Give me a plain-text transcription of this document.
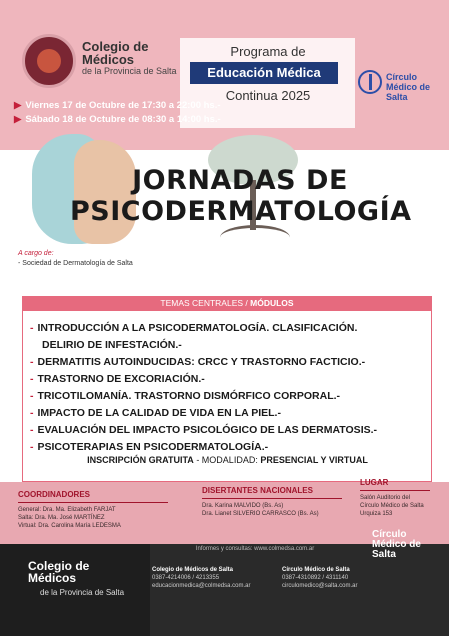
Colegio de Médicos
de la Provincia de Salta
Programa de
Educación Médica
Continua 2025
Círculo Médico de Salta
▶ Viernes 17 de Octubre de 17:30 a 22:00 hs.-
▶ Sábado 18 de Octubre de 08:30 a 14:00 hs.-
JORNADAS DE
PSICODERMATOLOGÍA
A cargo de:
- Sociedad de Dermatología de Salta
TEMAS CENTRALES / MÓDULOS
- INTRODUCCIÓN A LA PSICODERMATOLOGÍA. CLASIFICACIÓN.
DELIRIO DE INFESTACIÓN.-
- DERMATITIS AUTOINDUCIDAS: CRCC Y TRASTORNO FACTICIO.-
- TRASTORNO DE EXCORIACIÓN.-
- TRICOTILOMANÍA. TRASTORNO DISMÓRFICO CORPORAL.-
- IMPACTO DE LA CALIDAD DE VIDA EN LA PIEL.-
- EVALUACIÓN DEL IMPACTO PSICOLÓGICO DE LAS DERMATOSIS.-
- PSICOTERAPIAS EN PSICODERMATOLOGÍA.-
INSCRIPCIÓN GRATUITA - MODALIDAD: PRESENCIAL Y VIRTUAL
COORDINADORES
General: Dra. Ma. Elizabeth FARJAT
Salta: Dra. Ma. José MARTÍNEZ
Virtual: Dra. Carolina María LEDESMA
DISERTANTES NACIONALES
Dra. Karina MALVIDO (Bs. As)
Dra. Lianet SILVERIO CARRASCO (Bs. As)
LUGAR
Salón Auditorio del
Círculo Médico de Salta
Urquiza 153
Colegio de Médicos
de la Provincia de Salta
Informes y consultas: www.colmedsa.com.ar
Colegio de Médicos de Salta
0387-4214006 / 4213355
educacionmedica@colmedsa.com.ar
Círculo Médico de Salta
0387-4310892 / 4311140
circulomedico@salta.com.ar
Círculo Médico de Salta
